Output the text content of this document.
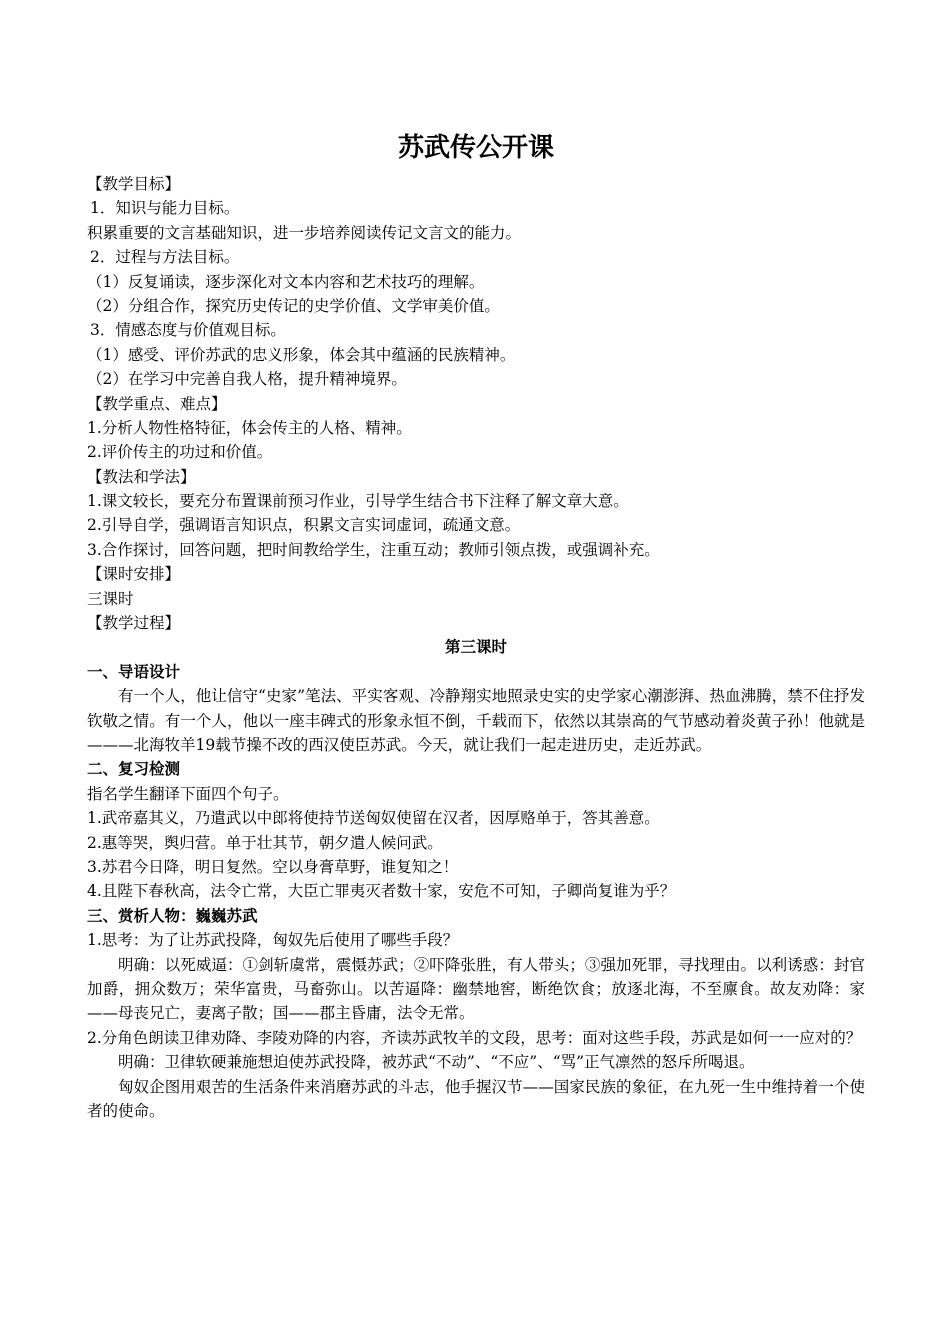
苏武传公开课
【教学目标】
1．知识与能力目标。
积累重要的文言基础知识，进一步培养阅读传记文言文的能力。
2．过程与方法目标。
（1）反复诵读，逐步深化对文本内容和艺术技巧的理解。
（2）分组合作，探究历史传记的史学价值、文学审美价值。
3．情感态度与价值观目标。
（1）感受、评价苏武的忠义形象，体会其中蕴涵的民族精神。
（2）在学习中完善自我人格，提升精神境界。
【教学重点、难点】
1.分析人物性格特征，体会传主的人格、精神。
2.评价传主的功过和价值。
【教法和学法】
1.课文较长，要充分布置课前预习作业，引导学生结合书下注释了解文章大意。
2.引导自学，强调语言知识点，积累文言实词虚词，疏通文意。
3.合作探讨，回答问题，把时间教给学生，注重互动；教师引领点拨，或强调补充。
【课时安排】
三课时
【教学过程】
第三课时
一、导语设计
有一个人，他让信守“史家”笔法、平实客观、冷静翔实地照录史实的史学家心潮澎湃、热血沸腾，禁不住抒发钦敬之情。有一个人，他以一座丰碑式的形象永恒不倒，千载而下，依然以其崇高的气节感动着炎黄子孙！他就是———北海牧羊19载节操不改的西汉使臣苏武。今天，就让我们一起走进历史，走近苏武。
二、复习检测
指名学生翻译下面四个句子。
1.武帝嘉其义，乃遣武以中郎将使持节送匈奴使留在汉者，因厚赂单于，答其善意。
2.惠等哭，舆归营。单于壮其节，朝夕遣人候问武。
3.苏君今日降，明日复然。空以身膏草野，谁复知之！
4.且陛下春秋高，法令亡常，大臣亡罪夷灭者数十家，安危不可知，子卿尚复谁为乎？
三、赏析人物：巍巍苏武
1.思考：为了让苏武投降，匈奴先后使用了哪些手段？
明确：以死威逼：①剑斩虞常，震慑苏武；②吓降张胜，有人带头；③强加死罪，寻找理由。以利诱惑：封官加爵，拥众数万；荣华富贵，马畜弥山。以苦逼降：幽禁地窖，断绝饮食；放逐北海，不至廪食。故友劝降：家——母丧兄亡，妻离子散；国——郡主昏庸，法令无常。
2.分角色朗读卫律劝降、李陵劝降的内容，齐读苏武牧羊的文段，思考：面对这些手段，苏武是如何一一应对的？
明确：卫律软硬兼施想迫使苏武投降，被苏武“不动”、“不应”、“骂”正气凛然的怒斥所喝退。
匈奴企图用艰苦的生活条件来消磨苏武的斗志，他手握汉节——国家民族的象征，在九死一生中维持着一个使者的使命。
